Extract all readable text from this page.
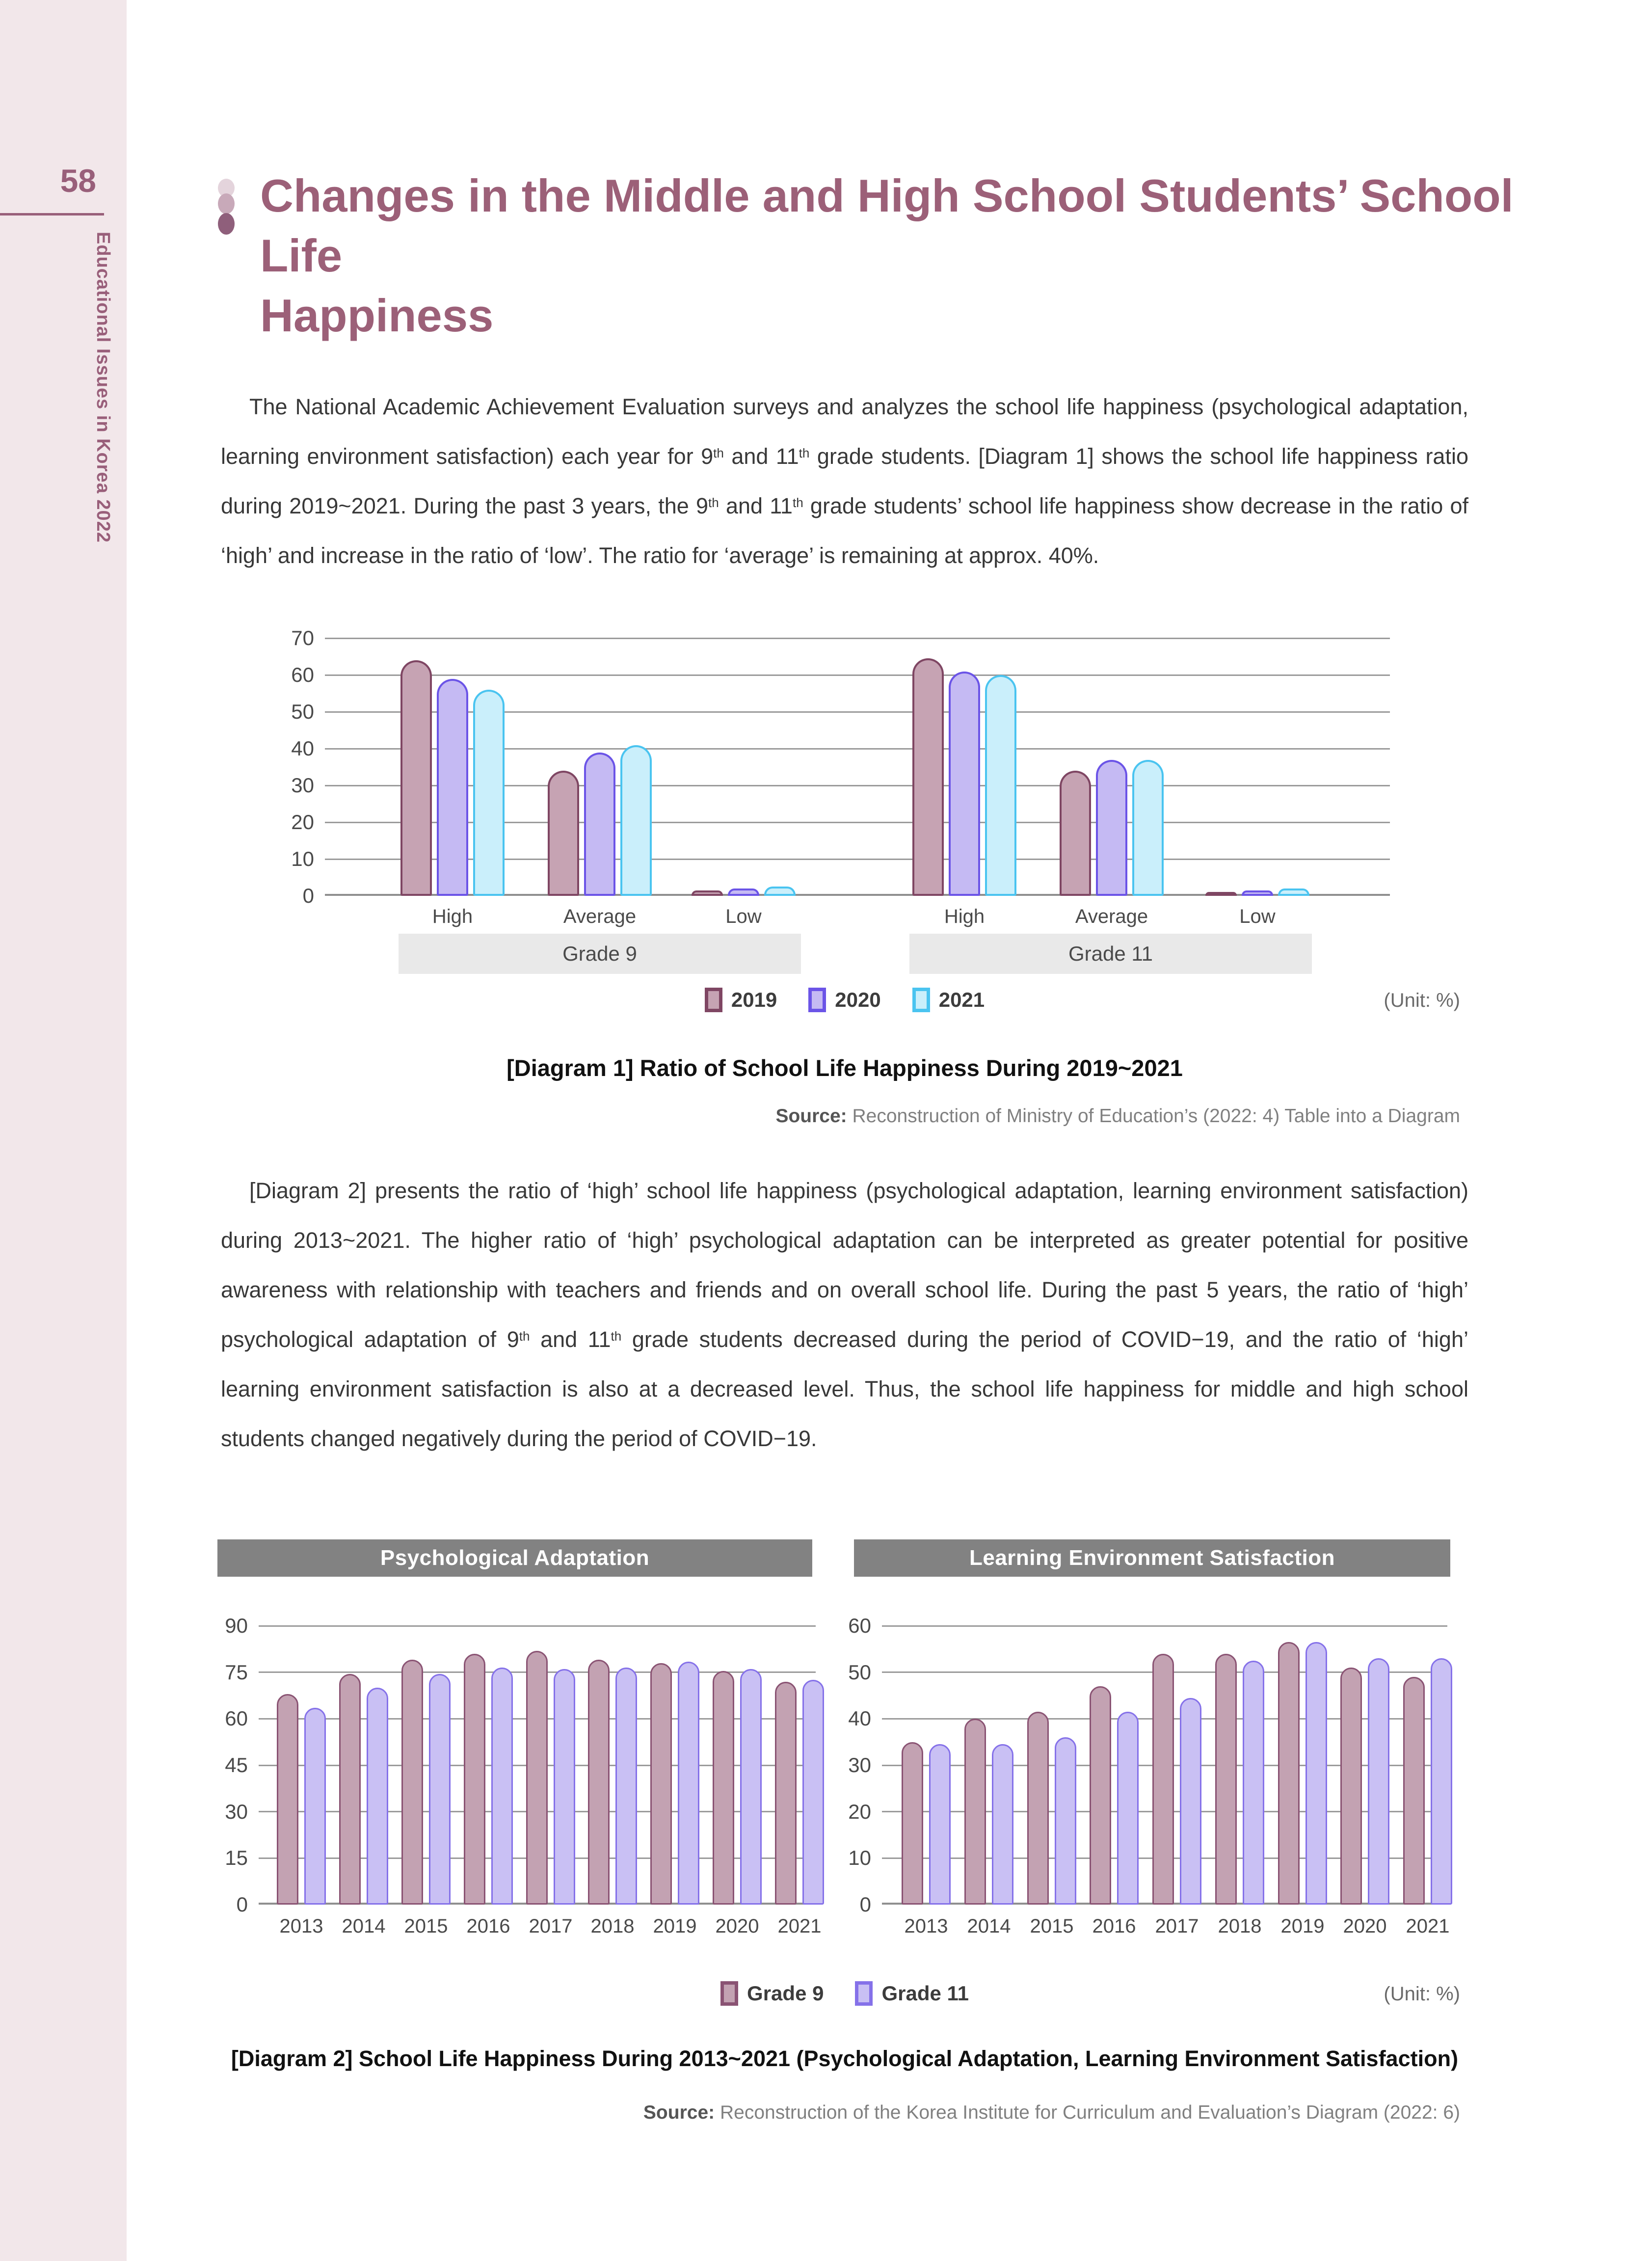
58
Educational Issues in Korea 2022
Changes in the Middle and High School Students’ School Life
Happiness

The National Academic Achievement Evaluation surveys and analyzes the school life happiness (psychological adaptation, learning environment satisfaction) each year for 9th and 11th grade students. [Diagram 1] shows the school life happiness ratio during 2019~2021. During the past 3 years, the 9th and 11th grade students’ school life happiness show decrease in the ratio of ‘high’ and increase in the ratio of ‘low’. The ratio for ‘average’ is remaining at approx. 40%.

Grade 9	Grade 11
0
10
20
30
40
50
60
70
High	Average	Low	High	Average	Low
2019	2020	2021	(Unit: %)
[Diagram 1] Ratio of School Life Happiness During 2019~2021
Source: Reconstruction of Ministry of Education’s (2022: 4) Table into a Diagram

[Diagram 2] presents the ratio of ‘high’ school life happiness (psychological adaptation, learning environment satisfaction) during 2013~2021. The higher ratio of ‘high’ psychological adaptation can be interpreted as greater potential for positive awareness with relationship with teachers and friends and on overall school life. During the past 5 years, the ratio of ‘high’ psychological adaptation of 9th and 11th grade students decreased during the period of COVID−19, and the ratio of ‘high’ learning environment satisfaction is also at a decreased level. Thus, the school life happiness for middle and high school students changed negatively during the period of COVID−19.

Psychological Adaptation	Learning Environment Satisfaction
0
15
30
45
60
75
90
2013 2014 2015 2016 2017 2018 2019 2020 2021
0
10
20
30
40
50
60
2013 2014 2015 2016 2017 2018 2019 2020 2021
Grade 9	Grade 11	(Unit: %)
[Diagram 2] School Life Happiness During 2013~2021 (Psychological Adaptation, Learning Environment Satisfaction)
Source: Reconstruction of the Korea Institute for Curriculum and Evaluation’s Diagram (2022: 6)
